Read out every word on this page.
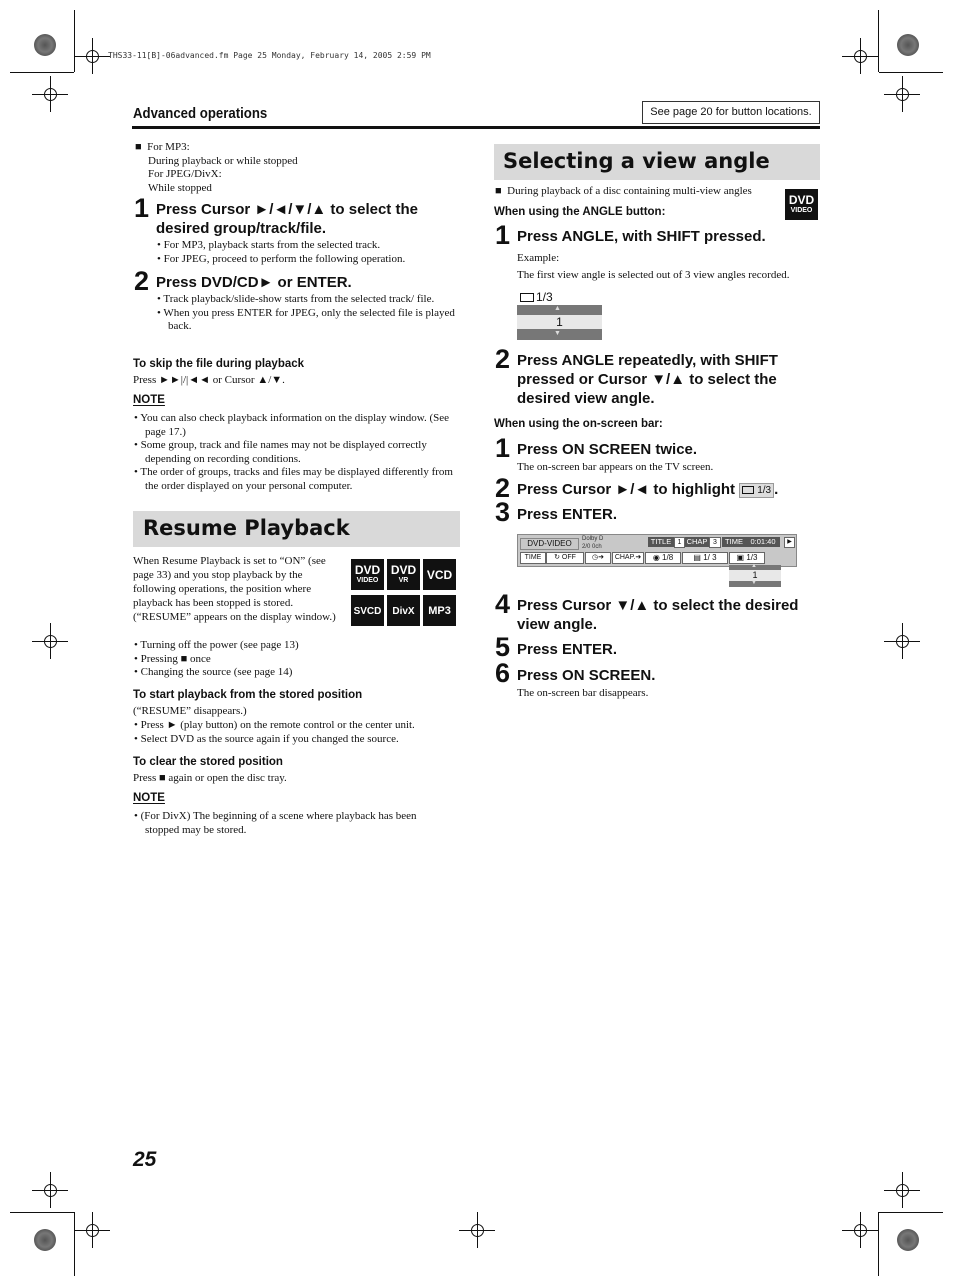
THS33-11[B]-06advanced.fm Page 25 Monday, February 14, 2005 2:59 PM
Advanced operations	See page 20 for button locations.
■ For MP3:
During playback or while stopped
For JPEG/DivX:
While stopped
1 Press Cursor ►/◄/▼/▲ to select the desired group/track/file.
• For MP3, playback starts from the selected track.
• For JPEG, proceed to perform the following operation.
2 Press DVD/CD► or ENTER.
• Track playback/slide-show starts from the selected track/ file.
• When you press ENTER for JPEG, only the selected file is played back.
To skip the file during playback
Press ►►|/|◄◄ or Cursor ▲/▼.
NOTE
• You can also check playback information on the display window. (See page 17.)
• Some group, track and file names may not be displayed correctly depending on recording conditions.
• The order of groups, tracks and files may be displayed differently from the order displayed on your personal computer.
Resume Playback
When Resume Playback is set to “ON” (see page 33) and you stop playback by the following operations, the position where playback has been stopped is stored. (“RESUME” appears on the display window.)
DVD
VIDEO
DVD
VR	VCD
SVCD	DivX	MP3
• Turning off the power (see page 13)
• Pressing ■ once
• Changing the source (see page 14)
To start playback from the stored position
(“RESUME” disappears.)
• Press ► (play button) on the remote control or the center unit.
• Select DVD as the source again if you changed the source.
To clear the stored position
Press ■ again or open the disc tray.
NOTE
• (For DivX) The beginning of a scene where playback has been stopped may be stored.
Selecting a view angle
■ During playback of a disc containing multi-view angles
DVD
VIDEO
When using the ANGLE button:
1 Press ANGLE, with SHIFT pressed.
Example:
The first view angle is selected out of 3 view angles recorded.
1/3
▲
1
▼
2 Press ANGLE repeatedly, with SHIFT pressed or Cursor ▼/▲ to select the desired view angle.
When using the on-screen bar:
1 Press ON SCREEN twice.
The on-screen bar appears on the TV screen.
2 Press Cursor ►/◄ to highlight 1/3 .
3 Press ENTER.
DVD-VIDEO	Dolby D
2/0 0ch
TITLE 1 CHAP 3	TIME	0:01:40	▶
TIME	↻ OFF	◷➜	CHAP.➜	◉ 1/8	▤ 1/ 3	▣ 1/3
▲
1
▼
4 Press Cursor ▼/▲ to select the desired view angle.
5 Press ENTER.
6 Press ON SCREEN.
The on-screen bar disappears.
25
